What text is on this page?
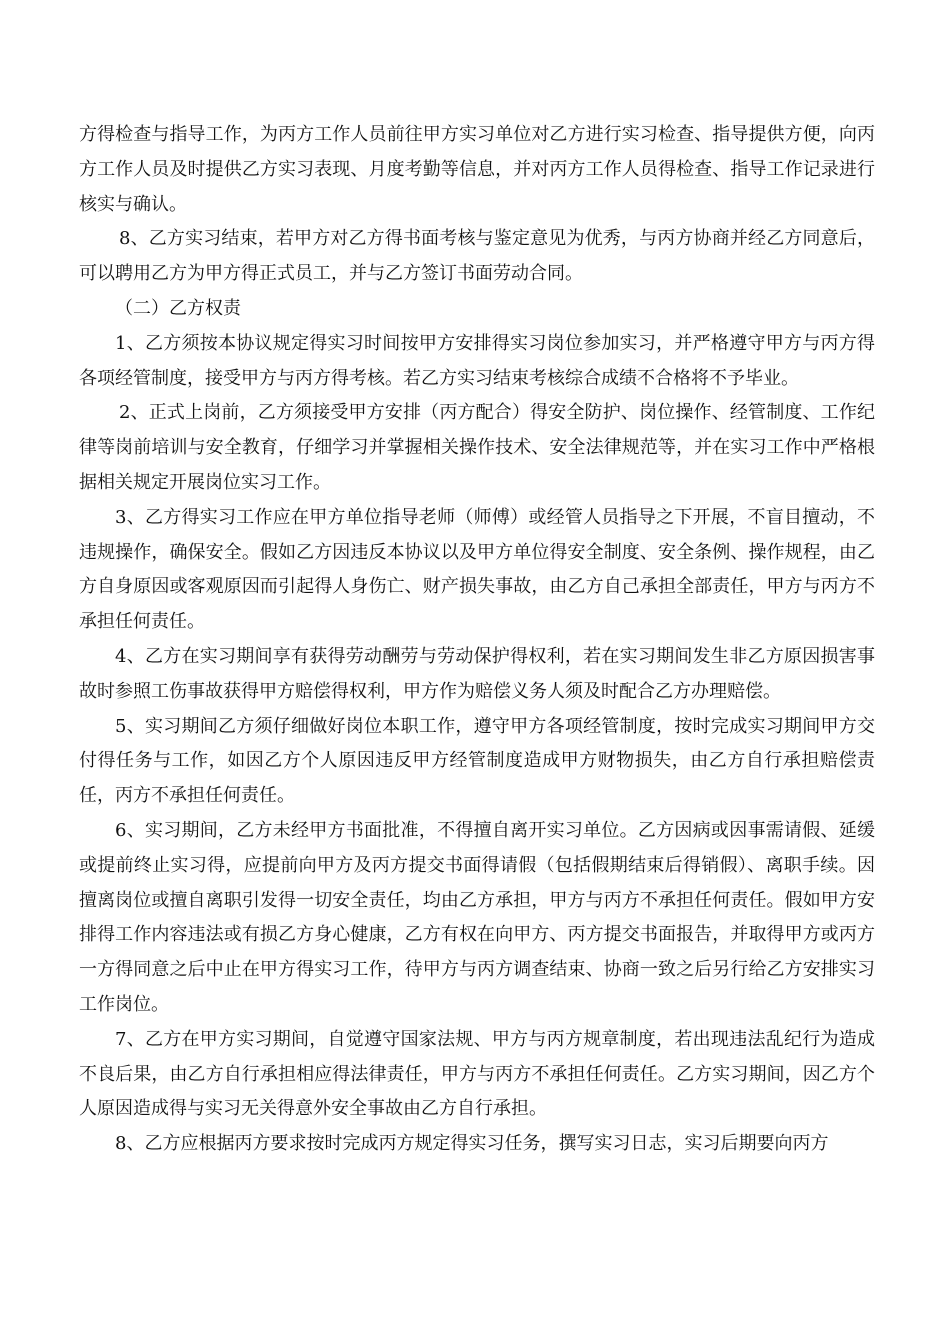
方得检查与指导工作，为丙方工作人员前往甲方实习单位对乙方进行实习检查、指导提供方便，向丙方工作人员及时提供乙方实习表现、月度考勤等信息，并对丙方工作人员得检查、指导工作记录进行核实与确认。

8、乙方实习结束，若甲方对乙方得书面考核与鉴定意见为优秀，与丙方协商并经乙方同意后，可以聘用乙方为甲方得正式员工，并与乙方签订书面劳动合同。

（二）乙方权责

1、乙方须按本协议规定得实习时间按甲方安排得实习岗位参加实习，并严格遵守甲方与丙方得各项经管制度，接受甲方与丙方得考核。若乙方实习结束考核综合成绩不合格将不予毕业。

2、正式上岗前，乙方须接受甲方安排（丙方配合）得安全防护、岗位操作、经管制度、工作纪律等岗前培训与安全教育，仔细学习并掌握相关操作技术、安全法律规范等，并在实习工作中严格根据相关规定开展岗位实习工作。

3、乙方得实习工作应在甲方单位指导老师（师傅）或经管人员指导之下开展，不盲目擅动，不违规操作，确保安全。假如乙方因违反本协议以及甲方单位得安全制度、安全条例、操作规程，由乙方自身原因或客观原因而引起得人身伤亡、财产损失事故，由乙方自己承担全部责任，甲方与丙方不承担任何责任。

4、乙方在实习期间享有获得劳动酬劳与劳动保护得权利，若在实习期间发生非乙方原因损害事故时参照工伤事故获得甲方赔偿得权利，甲方作为赔偿义务人须及时配合乙方办理赔偿。

5、实习期间乙方须仔细做好岗位本职工作，遵守甲方各项经管制度，按时完成实习期间甲方交付得任务与工作，如因乙方个人原因违反甲方经管制度造成甲方财物损失，由乙方自行承担赔偿责任，丙方不承担任何责任。

6、实习期间，乙方未经甲方书面批准，不得擅自离开实习单位。乙方因病或因事需请假、延缓或提前终止实习得，应提前向甲方及丙方提交书面得请假（包括假期结束后得销假）、离职手续。因擅离岗位或擅自离职引发得一切安全责任，均由乙方承担，甲方与丙方不承担任何责任。假如甲方安排得工作内容违法或有损乙方身心健康，乙方有权在向甲方、丙方提交书面报告，并取得甲方或丙方一方得同意之后中止在甲方得实习工作，待甲方与丙方调查结束、协商一致之后另行给乙方安排实习工作岗位。

7、乙方在甲方实习期间，自觉遵守国家法规、甲方与丙方规章制度，若出现违法乱纪行为造成不良后果，由乙方自行承担相应得法律责任，甲方与丙方不承担任何责任。乙方实习期间，因乙方个人原因造成得与实习无关得意外安全事故由乙方自行承担。

8、乙方应根据丙方要求按时完成丙方规定得实习任务，撰写实习日志，实习后期要向丙方
